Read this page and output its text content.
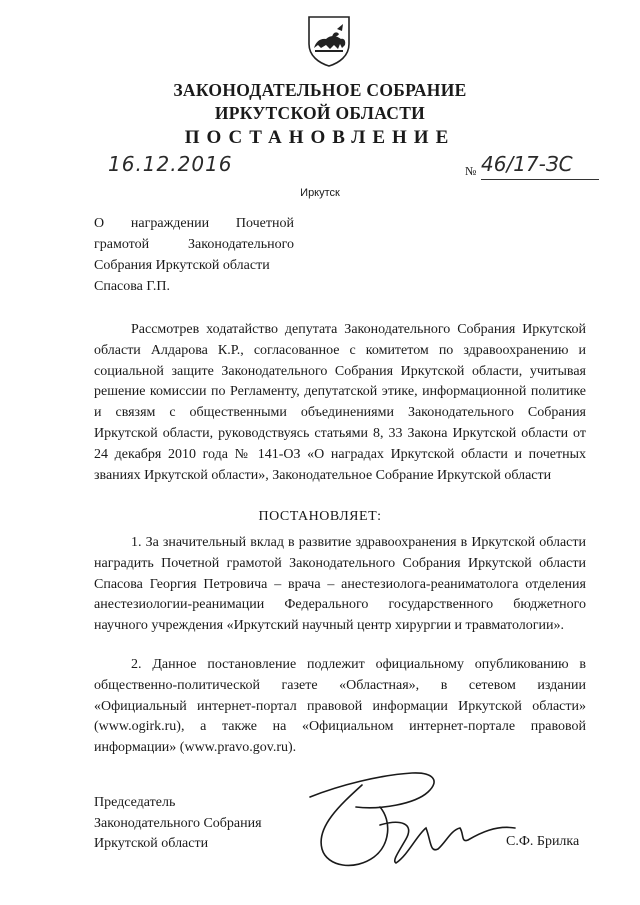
ЗАКОНОДАТЕЛЬНОЕ СОБРАНИЕ
ИРКУТСКОЙ ОБЛАСТИ
ПОСТАНОВЛЕНИЕ
16.12.2016	№ 46/17-ЗС
Иркутск
О награждении Почетной
грамотой Законодательного
Собрания Иркутской области
Спасова Г.П.

Рассмотрев ходатайство депутата Законодательного Собрания Иркутской области Алдарова К.Р., согласованное с комитетом по здравоохранению и социальной защите Законодательного Собрания Иркутской области, учитывая решение комиссии по Регламенту, депутатской этике, информационной политике и связям с общественными объединениями Законодательного Собрания Иркутской области, руководствуясь статьями 8, 33 Закона Иркутской области от 24 декабря 2010 года № 141-ОЗ «О наградах Иркутской области и почетных званиях Иркутской области», Законодательное Собрание Иркутской области

ПОСТАНОВЛЯЕТ:

1. За значительный вклад в развитие здравоохранения в Иркутской области наградить Почетной грамотой Законодательного Собрания Иркутской области Спасова Георгия Петровича – врача – анестезиолога-реаниматолога отделения анестезиологии-реанимации Федерального государственного бюджетного научного учреждения «Иркутский научный центр хирургии и травматологии».

2. Данное постановление подлежит официальному опубликованию в общественно-политической газете «Областная», в сетевом издании «Официальный интернет-портал правовой информации Иркутской области» (www.ogirk.ru), а также на «Официальном интернет-портале правовой информации» (www.pravo.gov.ru).

Председатель
Законодательного Собрания
Иркутской области	С.Ф. Брилка
